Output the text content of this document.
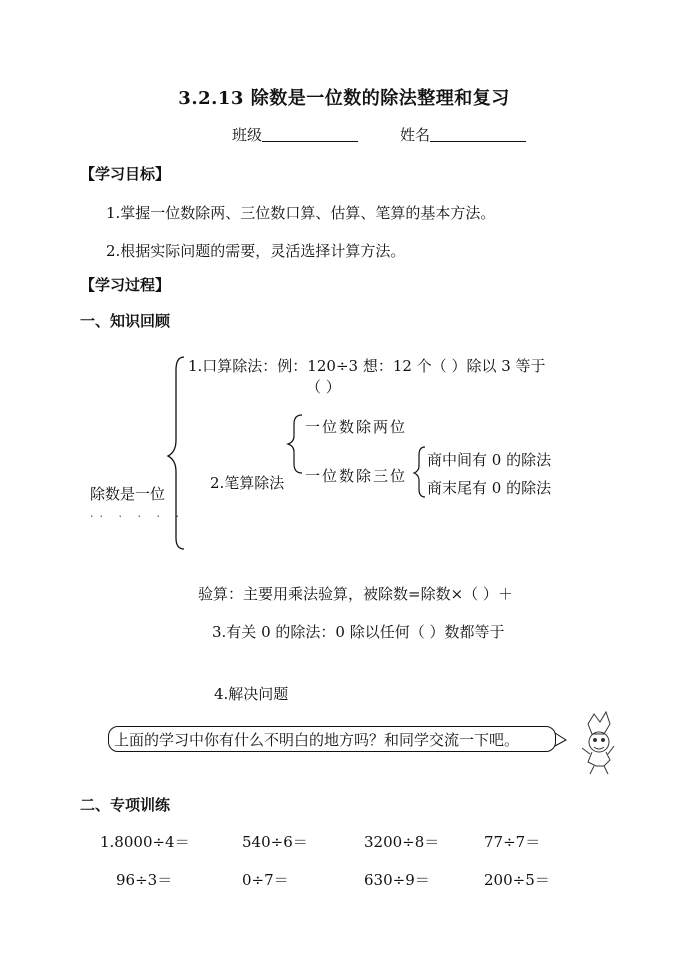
3.2.13 除数是一位数的除法整理和复习
班级	姓名
【学习目标】
1.掌握一位数除两、三位数口算、估算、笔算的基本方法。
2.根据实际问题的需要，灵活选择计算方法。
【学习过程】
一、知识回顾
1.口算除法：例：120÷3 想：12 个（ ）除以 3 等于
（ ）
一位数除两位
商中间有 0 的除法
一位数除三位
商末尾有 0 的除法
2.笔算除法
除数是一位
·· · · · ·
验算：主要用乘法验算，被除数=除数×（ ）＋
3.有关 0 的除法：0 除以任何（ ）数都等于
4.解决问题
上面的学习中你有什么不明白的地方吗？和同学交流一下吧。
二、专项训练
1.8000÷4＝	540÷6＝	3200÷8＝	77÷7＝
96÷3＝	0÷7＝	630÷9＝	200÷5＝
